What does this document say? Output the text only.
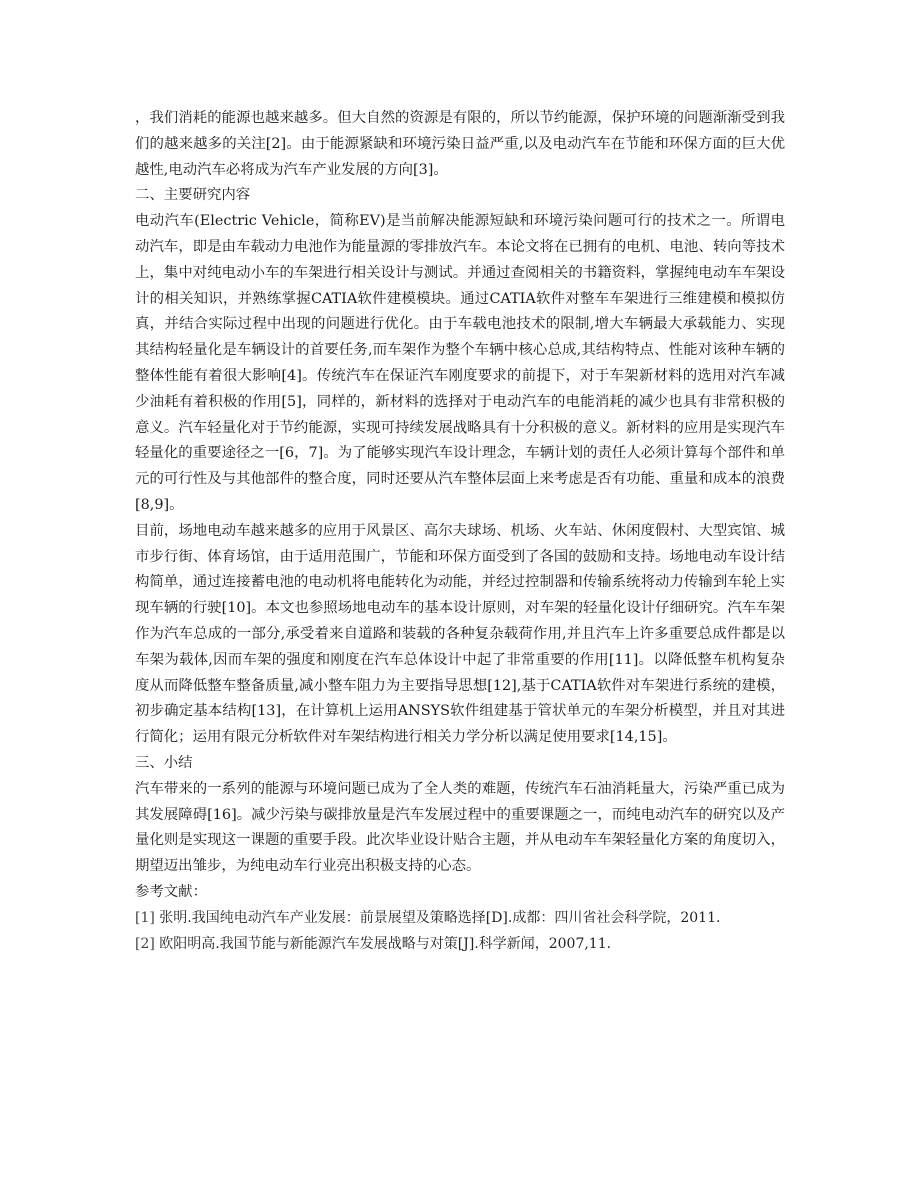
，我们消耗的能源也越来越多。但大自然的资源是有限的，所以节约能源，保护环境的问题渐渐受到我们的越来越多的关注[2]。由于能源紧缺和环境污染日益严重,以及电动汽车在节能和环保方面的巨大优越性,电动汽车必将成为汽车产业发展的方向[3]。

二、主要研究内容

电动汽车(Electric Vehicle，简称EV)是当前解决能源短缺和环境污染问题可行的技术之一。所谓电动汽车，即是由车载动力电池作为能量源的零排放汽车。本论文将在已拥有的电机、电池、转向等技术上，集中对纯电动小车的车架进行相关设计与测试。并通过查阅相关的书籍资料，掌握纯电动车车架设计的相关知识，并熟练掌握CATIA软件建模模块。通过CATIA软件对整车车架进行三维建模和模拟仿真，并结合实际过程中出现的问题进行优化。由于车载电池技术的限制,增大车辆最大承载能力、实现其结构轻量化是车辆设计的首要任务,而车架作为整个车辆中核心总成,其结构特点、性能对该种车辆的整体性能有着很大影响[4]。传统汽车在保证汽车刚度要求的前提下，对于车架新材料的选用对汽车减少油耗有着积极的作用[5]，同样的，新材料的选择对于电动汽车的电能消耗的减少也具有非常积极的意义。汽车轻量化对于节约能源，实现可持续发展战略具有十分积极的意义。新材料的应用是实现汽车轻量化的重要途径之一[6，7]。为了能够实现汽车设计理念，车辆计划的责任人必须计算每个部件和单元的可行性及与其他部件的整合度，同时还要从汽车整体层面上来考虑是否有功能、重量和成本的浪费[8,9]。

目前，场地电动车越来越多的应用于风景区、高尔夫球场、机场、火车站、休闲度假村、大型宾馆、城市步行街、体育场馆，由于适用范围广，节能和环保方面受到了各国的鼓励和支持。场地电动车设计结构简单，通过连接蓄电池的电动机将电能转化为动能，并经过控制器和传输系统将动力传输到车轮上实现车辆的行驶[10]。本文也参照场地电动车的基本设计原则，对车架的轻量化设计仔细研究。汽车车架作为汽车总成的一部分,承受着来自道路和装载的各种复杂载荷作用,并且汽车上许多重要总成件都是以车架为载体,因而车架的强度和刚度在汽车总体设计中起了非常重要的作用[11]。以降低整车机构复杂度从而降低整车整备质量,减小整车阻力为主要指导思想[12],基于CATIA软件对车架进行系统的建模，初步确定基本结构[13]，在计算机上运用ANSYS软件组建基于管状单元的车架分析模型，并且对其进行简化；运用有限元分析软件对车架结构进行相关力学分析以满足使用要求[14,15]。

三、小结

汽车带来的一系列的能源与环境问题已成为了全人类的难题，传统汽车石油消耗量大，污染严重已成为其发展障碍[16]。减少污染与碳排放量是汽车发展过程中的重要课题之一，而纯电动汽车的研究以及产量化则是实现这一课题的重要手段。此次毕业设计贴合主题，并从电动车车架轻量化方案的角度切入，期望迈出雏步，为纯电动车行业亮出积极支持的心态。

参考文献：

[1] 张明.我国纯电动汽车产业发展：前景展望及策略选择[D].成都：四川省社会科学院，2011.

[2] 欧阳明高.我国节能与新能源汽车发展战略与对策[J].科学新闻，2007,11.
